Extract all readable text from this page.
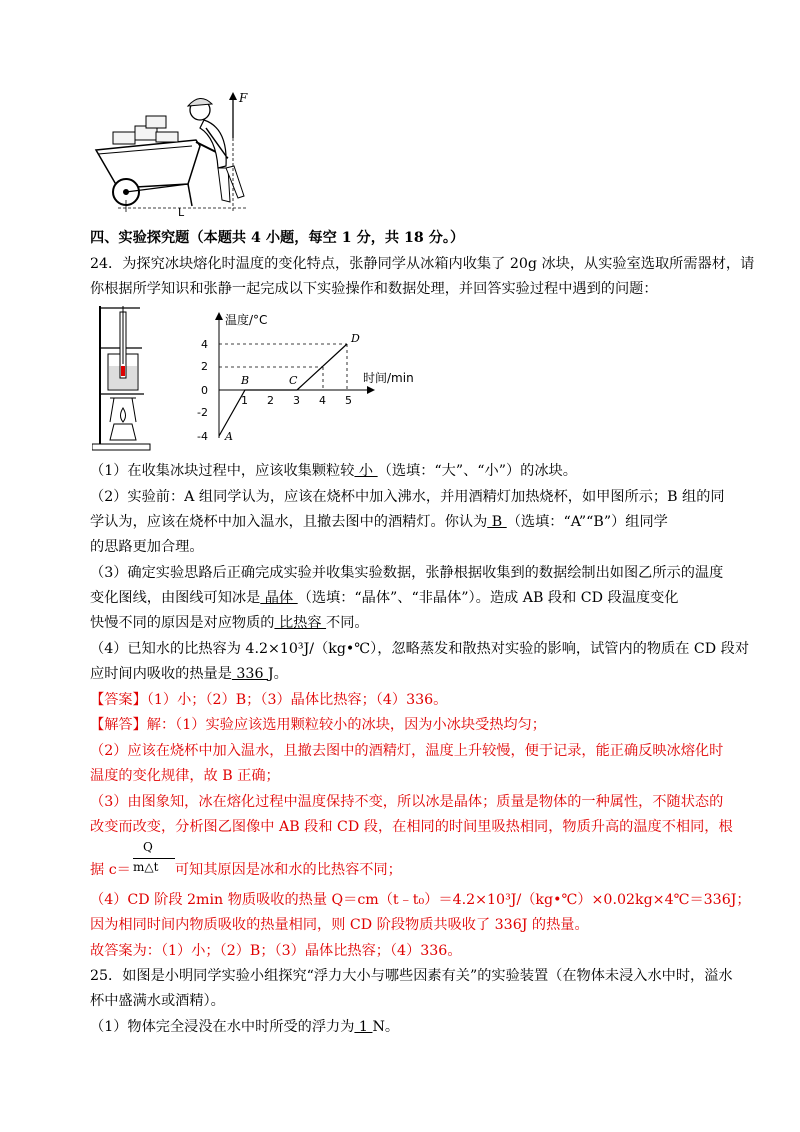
F
L
四、实验探究题（本题共 4 小题，每空 1 分，共 18 分。）
24．为探究冰块熔化时温度的变化特点，张静同学从冰箱内收集了 20g 冰块，从实验室选取所需器材，请
你根据所学知识和张静一起完成以下实验操作和数据处理，并回答实验过程中遇到的问题：
温度/°C
时间/min
4
2
0
-2
-4
1 2 3 4 5
A
B	C
D
（1）在收集冰块过程中，应该收集颗粒较 小 （选填：“大”、“小”）的冰块。
（2）实验前：A 组同学认为，应该在烧杯中加入沸水，并用酒精灯加热烧杯，如甲图所示；B 组的同
学认为，应该在烧杯中加入温水，且撤去图中的酒精灯。你认为 B （选填：“A”“B”）组同学
的思路更加合理。
（3）确定实验思路后正确完成实验并收集实验数据，张静根据收集到的数据绘制出如图乙所示的温度
变化图线，由图线可知冰是 晶体 （选填：“晶体”、“非晶体”）。造成 AB 段和 CD 段温度变化
快慢不同的原因是对应物质的 比热容 不同。
（4）已知水的比热容为 4.2×10³J/（kg•℃），忽略蒸发和散热对实验的影响，试管内的物质在 CD 段对
应时间内吸收的热量是 336 J。
【答案】（1）小；（2）B；（3）晶体比热容；（4）336。
【解答】解：（1）实验应该选用颗粒较小的冰块，因为小冰块受热均匀；
（2）应该在烧杯中加入温水，且撤去图中的酒精灯，温度上升较慢，便于记录，能正确反映冰熔化时
温度的变化规律，故 B 正确；
（3）由图象知，冰在熔化过程中温度保持不变，所以冰是晶体；质量是物体的一种属性，不随状态的
改变而改变，分析图乙图像中 AB 段和 CD 段，在相同的时间里吸热相同，物质升高的温度不相同，根
据 c＝	可知其原因是冰和水的比热容不同；
Q
m△t
（4）CD 阶段 2min 物质吸收的热量 Q＝cm（t﹣t₀）＝4.2×10³J/（kg•℃）×0.02kg×4℃＝336J；
因为相同时间内物质吸收的热量相同，则 CD 阶段物质共吸收了 336J 的热量。
故答案为：（1）小；（2）B；（3）晶体比热容；（4）336。
25．如图是小明同学实验小组探究“浮力大小与哪些因素有关”的实验装置（在物体未浸入水中时，溢水
杯中盛满水或酒精）。
（1）物体完全浸没在水中时所受的浮力为 1 N。
